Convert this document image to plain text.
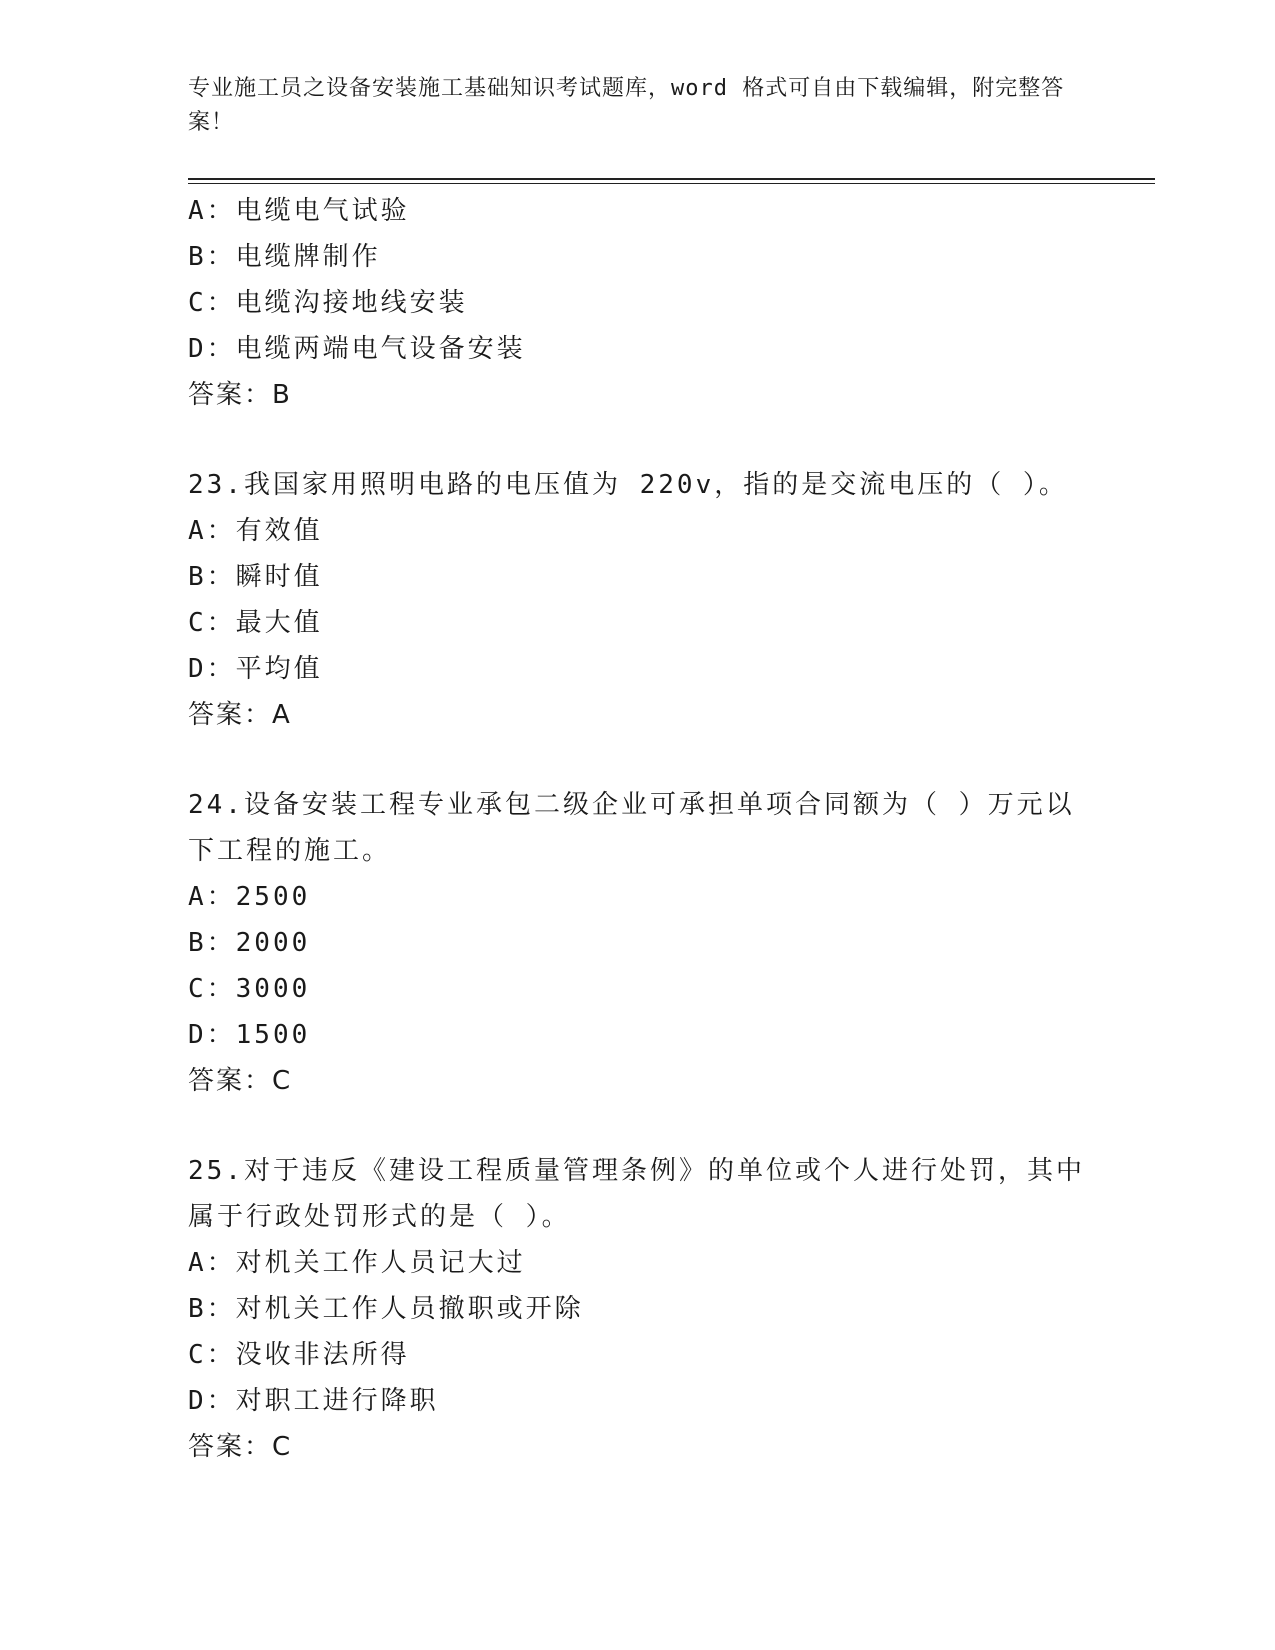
专业施工员之设备安装施工基础知识考试题库，word 格式可自由下载编辑，附完整答案！
A：电缆电气试验
B：电缆牌制作
C：电缆沟接地线安装
D：电缆两端电气设备安装
答案：B
23.我国家用照明电路的电压值为 220v，指的是交流电压的（ ）。
A：有效值
B：瞬时值
C：最大值
D：平均值
答案：A
24.设备安装工程专业承包二级企业可承担单项合同额为（ ）万元以下工程的施工。
A：2500
B：2000
C：3000
D：1500
答案：C
25.对于违反《建设工程质量管理条例》的单位或个人进行处罚，其中属于行政处罚形式的是（ ）。
A：对机关工作人员记大过
B：对机关工作人员撤职或开除
C：没收非法所得
D：对职工进行降职
答案：C
